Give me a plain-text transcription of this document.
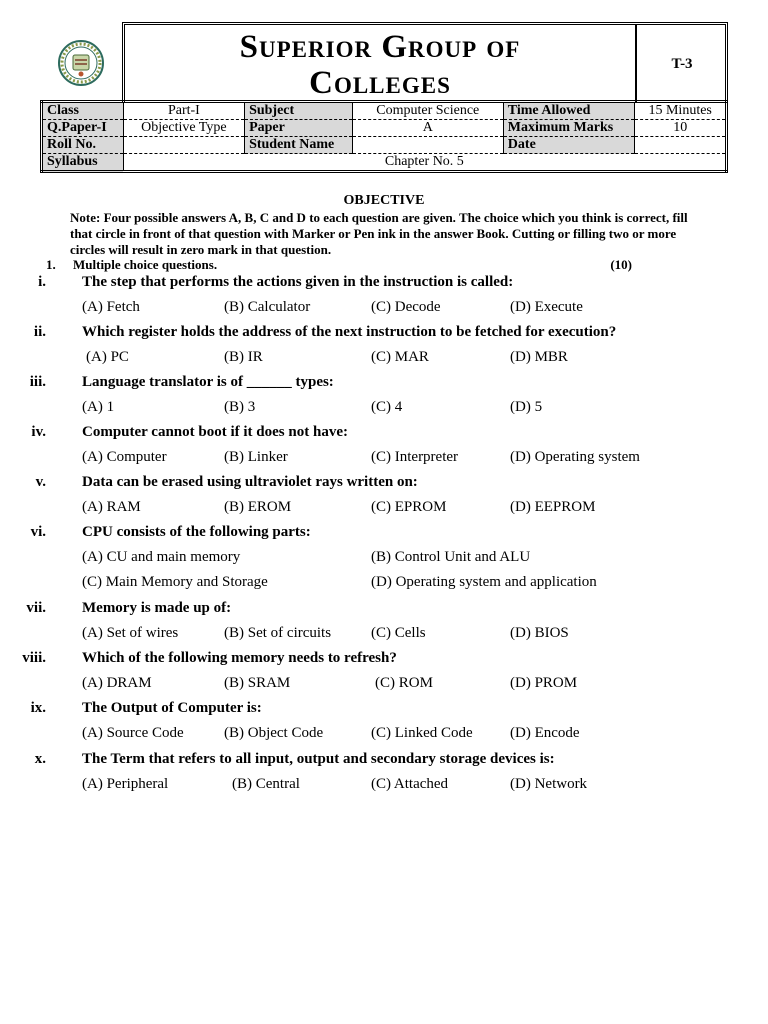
Superior Group of
Colleges
T-3
Class	Part-I	Subject	Computer Science	Time Allowed	15 Minutes
Q.Paper-I	Objective Type	Paper	A	Maximum Marks	10
Roll No.		Student Name		Date	
Syllabus	Chapter No. 5				
OBJECTIVE
Note: Four possible answers A, B, C and D to each question are given. The choice which you think is correct, fill that circle in front of that question with Marker or Pen ink in the answer Book. Cutting or filling two or more circles will result in zero mark in that question.
1. Multiple choice questions.	(10)
i. The step that performs the actions given in the instruction is called:
(A) Fetch	(B) Calculator	(C) Decode	(D) Execute
ii. Which register holds the address of the next instruction to be fetched for execution?
(A) PC	(B) IR	(C) MAR	(D) MBR
iii. Language translator is of ______ types:
(A) 1	(B) 3	(C) 4	(D) 5
iv. Computer cannot boot if it does not have:
(A) Computer	(B) Linker	(C) Interpreter	(D) Operating system
v. Data can be erased using ultraviolet rays written on:
(A) RAM	(B) EROM	(C) EPROM	(D) EEPROM
vi. CPU consists of the following parts:
(A) CU and main memory	(B) Control Unit and ALU
(C) Main Memory and Storage	(D) Operating system and application
vii. Memory is made up of:
(A) Set of wires	(B) Set of circuits	(C) Cells	(D) BIOS
viii. Which of the following memory needs to refresh?
(A) DRAM	(B) SRAM	(C) ROM	(D) PROM
ix. The Output of Computer is:
(A) Source Code	(B) Object Code	(C) Linked Code (D) Encode
x. The Term that refers to all input, output and secondary storage devices is:
(A) Peripheral	(B) Central	(C) Attached	(D) Network
